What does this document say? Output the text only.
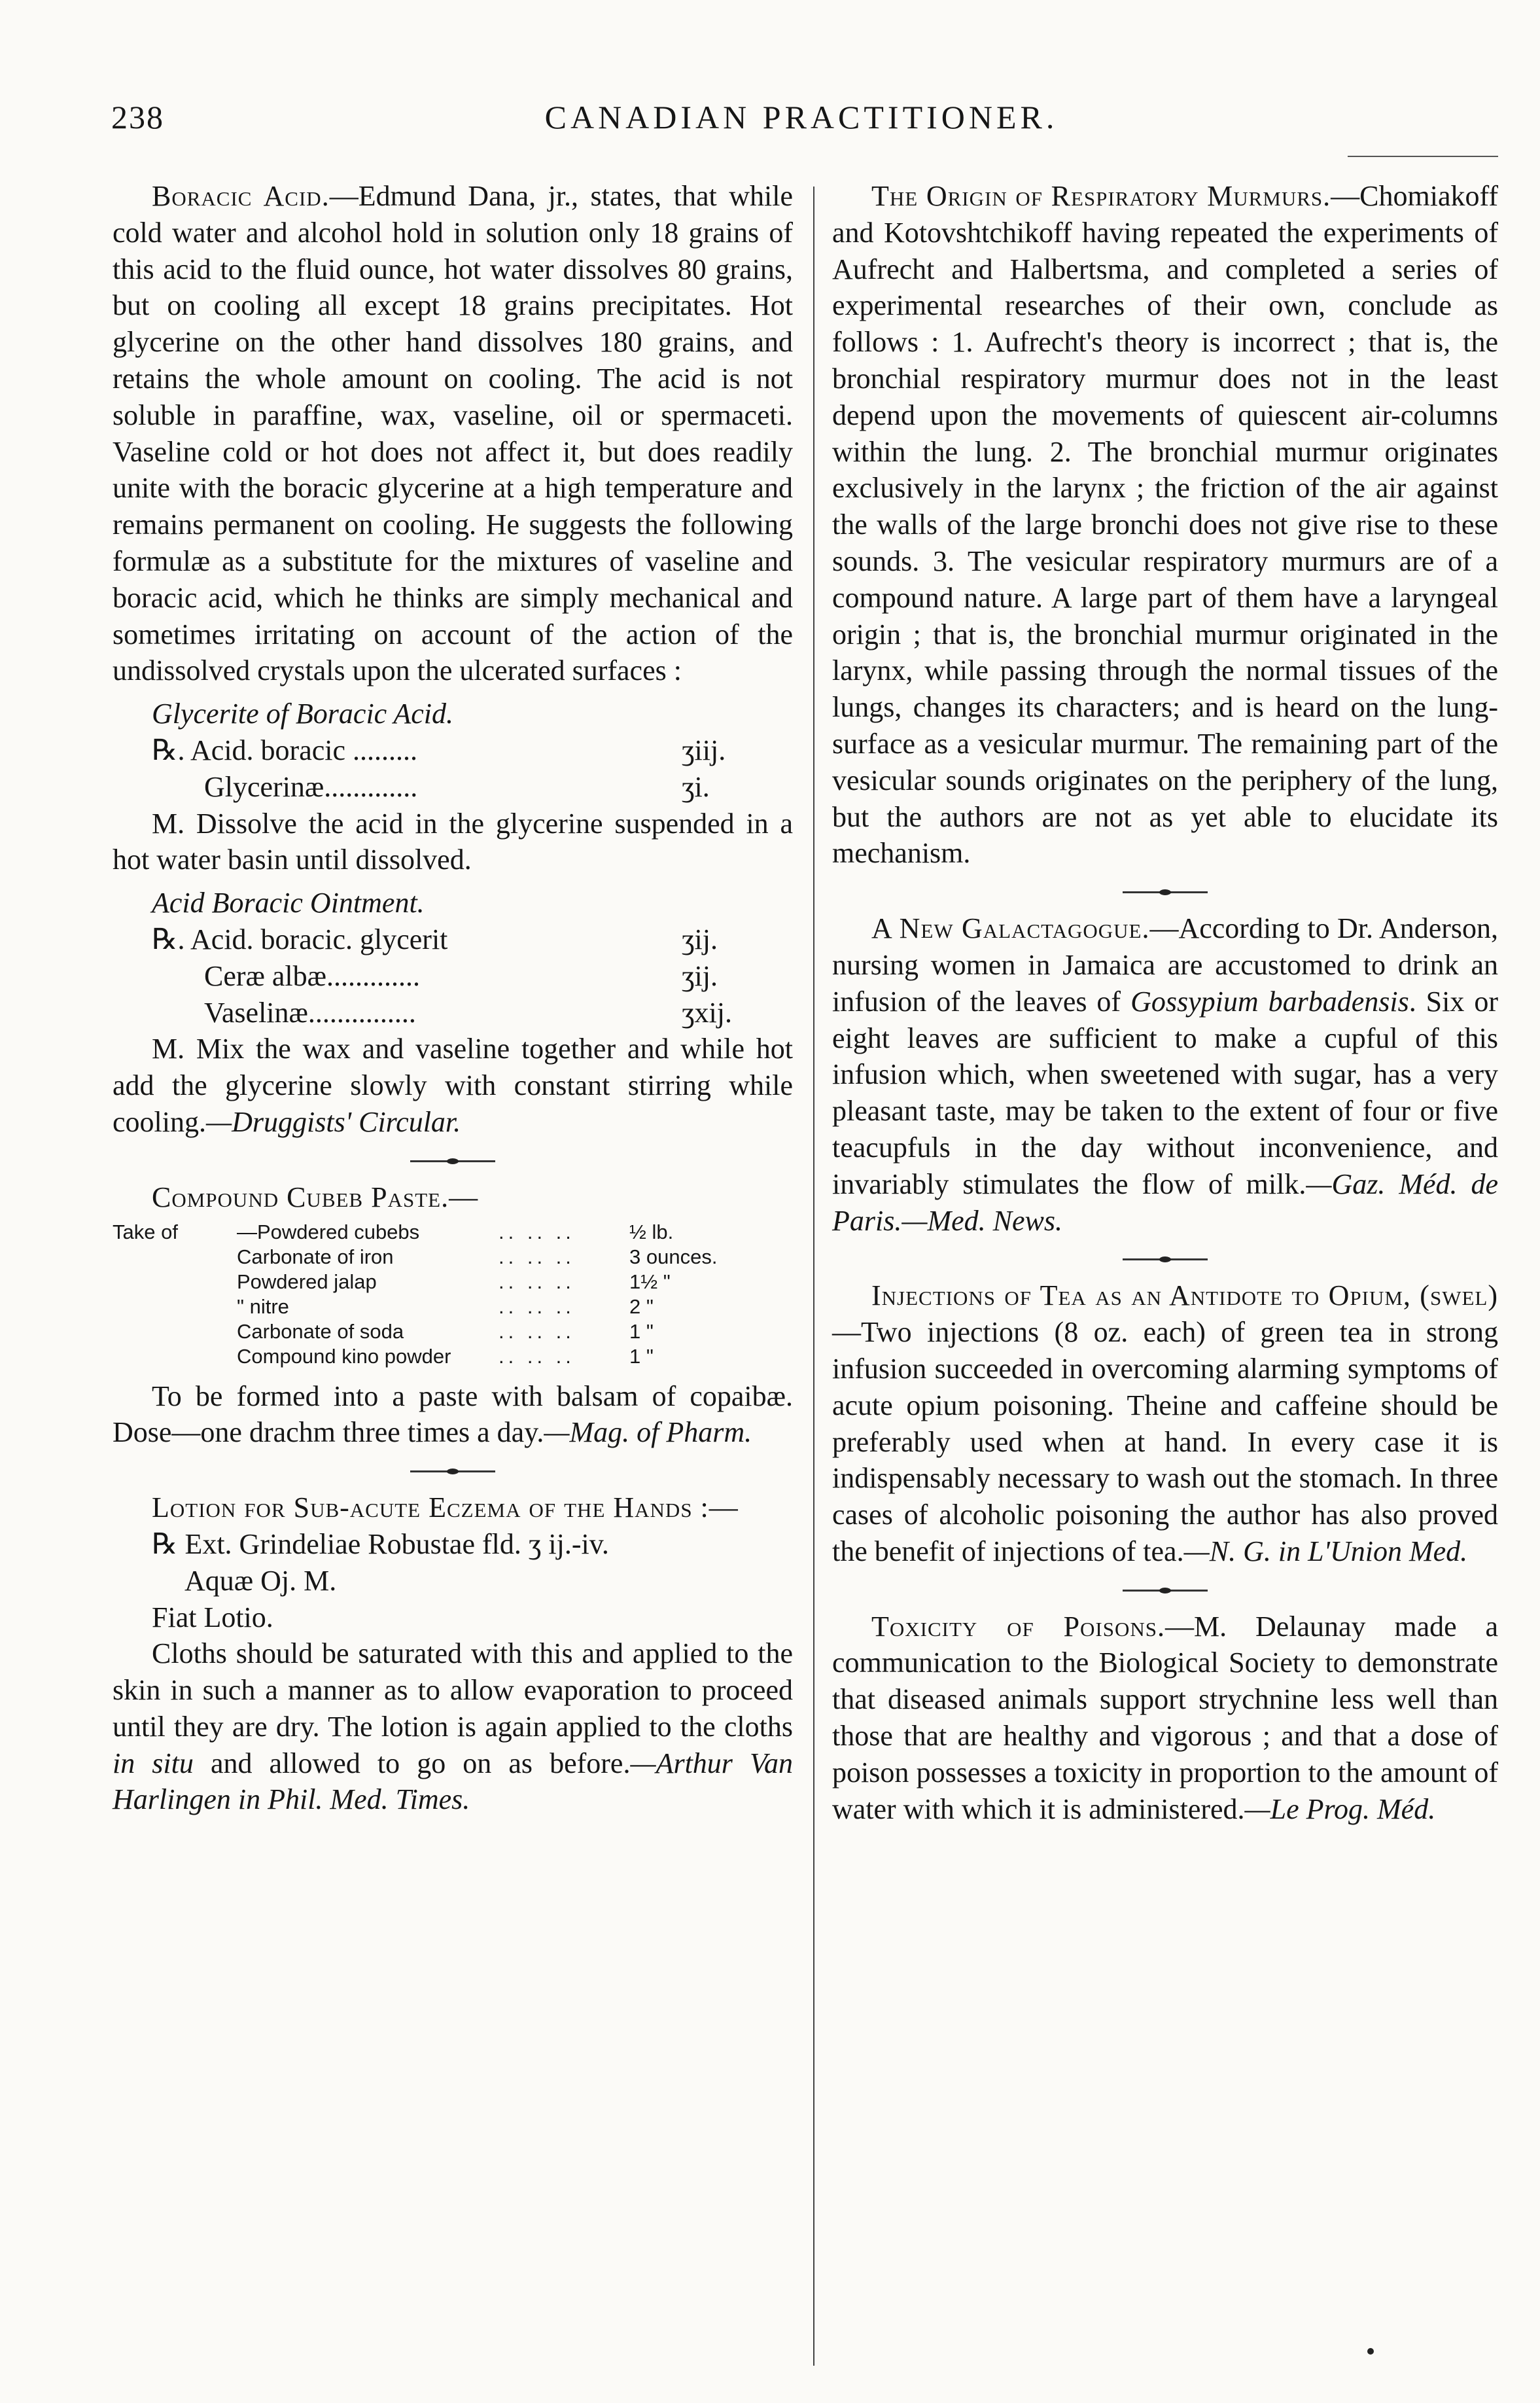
238	CANADIAN PRACTITIONER.

Boracic Acid.—Edmund Dana, jr., states, that while cold water and alcohol hold in solution only 18 grains of this acid to the fluid ounce, hot water dissolves 80 grains, but on cooling all except 18 grains precipitates. Hot glycerine on the other hand dissolves 180 grains, and retains the whole amount on cooling. The acid is not soluble in paraffine, wax, vaseline, oil or spermaceti. Vaseline cold or hot does not affect it, but does readily unite with the boracic glycerine at a high temperature and remains permanent on cooling. He suggests the following formulæ as a substitute for the mixtures of vaseline and boracic acid, which he thinks are simply mechanical and sometimes irritating on account of the action of the undissolved crystals upon the ulcerated surfaces :

Glycerite of Boracic Acid.
℞. Acid. boracic .........	ʒiij.
Glycerinæ.............	ʒi.

M. Dissolve the acid in the glycerine suspended in a hot water basin until dissolved.

Acid Boracic Ointment.
℞. Acid. boracic. glycerit	ʒij.
Ceræ albæ.............	ʒij.
Vaselinæ...............	ʒxij.

M. Mix the wax and vaseline together and while hot add the glycerine slowly with constant stirring while cooling.—Druggists' Circular.

Compound Cubeb Paste.—

Take of	—Powdered cubebs	.. .. ..	½ lb.
Carbonate of iron	.. .. ..	3 ounces.
Powdered jalap	.. .. ..	1½ "
" nitre	.. .. ..	2 "
Carbonate of soda	.. .. ..	1 "
Compound kino powder	.. .. ..	1 "

To be formed into a paste with balsam of copaibæ. Dose—one drachm three times a day.—Mag. of Pharm.

Lotion for Sub-acute Eczema of the Hands :—

℞ Ext. Grindeliae Robustae fld. ʒ ij.-iv.

Aquæ Oj. M.

Fiat Lotio.

Cloths should be saturated with this and applied to the skin in such a manner as to allow evaporation to proceed until they are dry. The lotion is again applied to the cloths in situ and allowed to go on as before.—Arthur Van Harlingen in Phil. Med. Times.

The Origin of Respiratory Murmurs.—Chomiakoff and Kotovshtchikoff having repeated the experiments of Aufrecht and Halbertsma, and completed a series of experimental researches of their own, conclude as follows : 1. Aufrecht's theory is incorrect ; that is, the bronchial respiratory murmur does not in the least depend upon the movements of quiescent air-columns within the lung. 2. The bronchial murmur originates exclusively in the larynx ; the friction of the air against the walls of the large bronchi does not give rise to these sounds. 3. The vesicular respiratory murmurs are of a compound nature. A large part of them have a laryngeal origin ; that is, the bronchial murmur originated in the larynx, while passing through the normal tissues of the lungs, changes its characters; and is heard on the lung-surface as a vesicular murmur. The remaining part of the vesicular sounds originates on the periphery of the lung, but the authors are not as yet able to elucidate its mechanism.

A New Galactagogue.—According to Dr. Anderson, nursing women in Jamaica are accustomed to drink an infusion of the leaves of Gossypium barbadensis. Six or eight leaves are sufficient to make a cupful of this infusion which, when sweetened with sugar, has a very pleasant taste, may be taken to the extent of four or five teacupfuls in the day without inconvenience, and invariably stimulates the flow of milk.—Gaz. Méd. de Paris.—Med. News.

Injections of Tea as an Antidote to Opium, (swel)—Two injections (8 oz. each) of green tea in strong infusion succeeded in overcoming alarming symptoms of acute opium poisoning. Theine and caffeine should be preferably used when at hand. In every case it is indispensably necessary to wash out the stomach. In three cases of alcoholic poisoning the author has also proved the benefit of injections of tea.—N. G. in L'Union Med.

Toxicity of Poisons.—M. Delaunay made a communication to the Biological Society to demonstrate that diseased animals support strychnine less well than those that are healthy and vigorous ; and that a dose of poison possesses a toxicity in proportion to the amount of water with which it is administered.—Le Prog. Méd.
